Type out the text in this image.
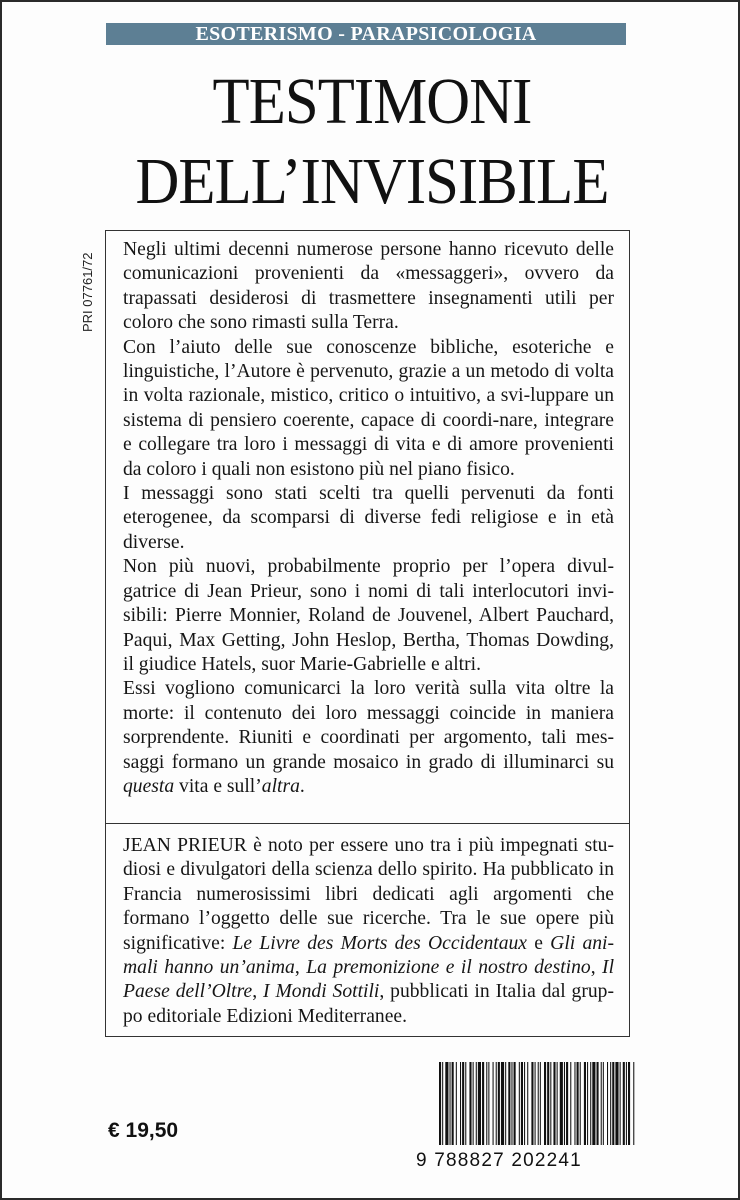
ESOTERISMO - PARAPSICOLOGIA
TESTIMONI
DELL’INVISIBILE
PRI 07761/72

Negli ultimi decenni numerose persone hanno ricevuto delle comunicazioni provenienti da «messaggeri», ovvero da trapassati desiderosi di trasmettere insegnamenti utili per coloro che sono rimasti sulla Terra.

Con l’aiuto delle sue conoscenze bibliche, esoteriche e linguistiche, l’Autore è pervenuto, grazie a un metodo di volta in volta razionale, mistico, critico o intuitivo, a svi-luppare un sistema di pensiero coerente, capace di coordi-nare, integrare e collegare tra loro i messaggi di vita e di amore provenienti da coloro i quali non esistono più nel piano fisico.

I messaggi sono stati scelti tra quelli pervenuti da fonti eterogenee, da scomparsi di diverse fedi religiose e in età diverse.

Non più nuovi, probabilmente proprio per l’opera divul-gatrice di Jean Prieur, sono i nomi di tali interlocutori invi-sibili: Pierre Monnier, Roland de Jouvenel, Albert Pauchard, Paqui, Max Getting, John Heslop, Bertha, Thomas Dowding, il giudice Hatels, suor Marie-Gabrielle e altri.

Essi vogliono comunicarci la loro verità sulla vita oltre la morte: il contenuto dei loro messaggi coincide in maniera sorprendente. Riuniti e coordinati per argomento, tali mes-saggi formano un grande mosaico in grado di illuminarci su questa vita e sull’altra.

JEAN PRIEUR è noto per essere uno tra i più impegnati stu-diosi e divulgatori della scienza dello spirito. Ha pubblicato in Francia numerosissimi libri dedicati agli argomenti che formano l’oggetto delle sue ricerche. Tra le sue opere più significative: Le Livre des Morts des Occidentaux e Gli ani-mali hanno un’anima, La premonizione e il nostro destino, Il Paese dell’Oltre, I Mondi Sottili, pubblicati in Italia dal grup-po editoriale Edizioni Mediterranee.

9 788827 202241
€ 19,50
